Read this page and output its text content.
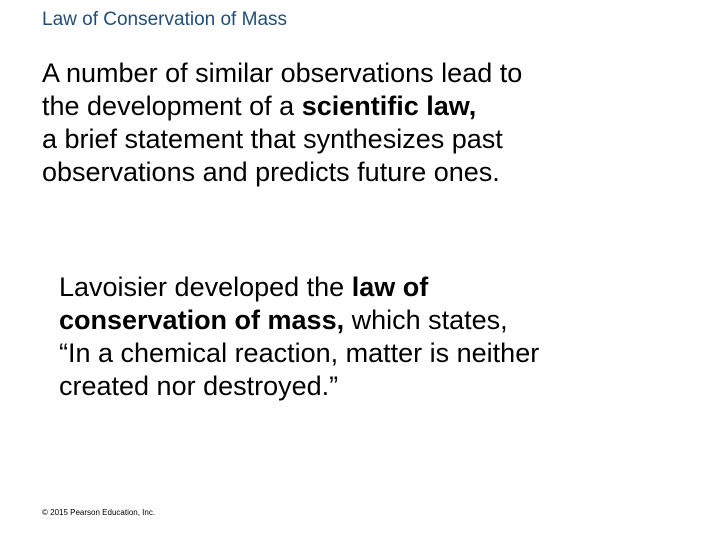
Law of Conservation of Mass

A number of similar observations lead to
the development of a scientific law,
a brief statement that synthesizes past
observations and predicts future ones.

Lavoisier developed the law of
conservation of mass, which states,
“In a chemical reaction, matter is neither
created nor destroyed.”

© 2015 Pearson Education, Inc.
